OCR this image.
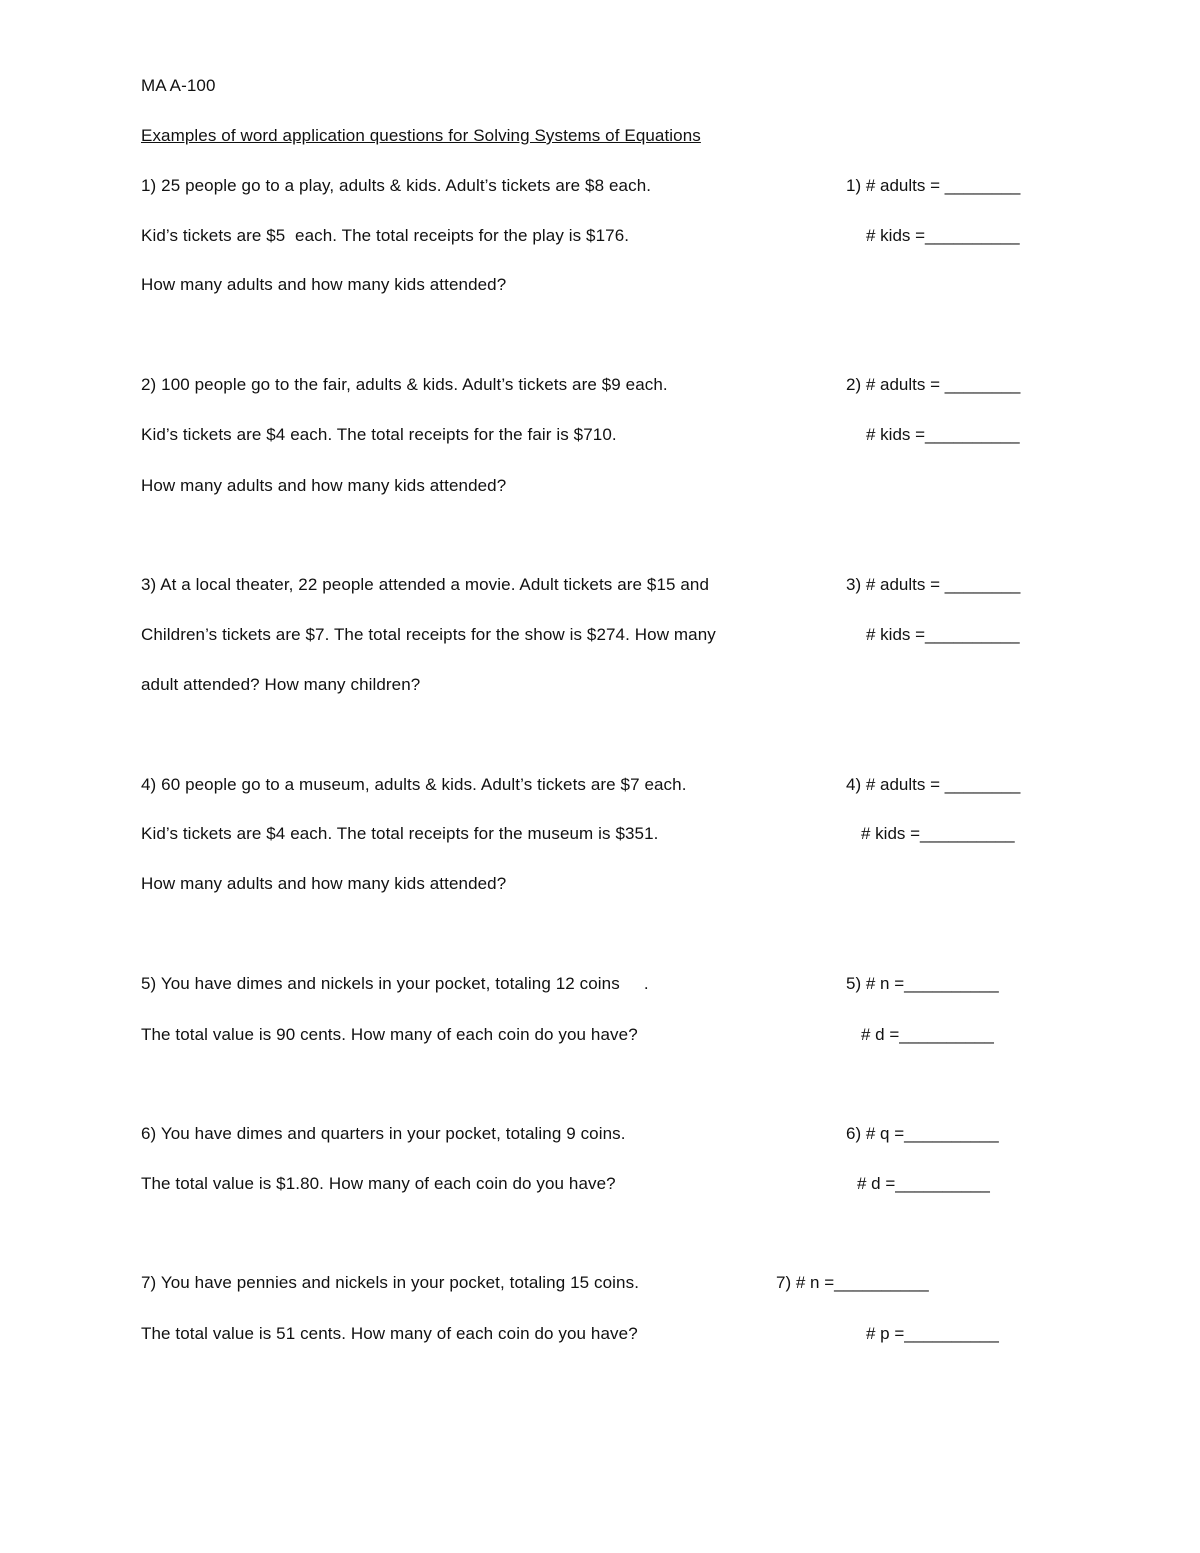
MA A-100
Examples of word application questions for Solving Systems of Equations
1) 25 people go to a play, adults & kids. Adult’s tickets are $8 each.
Kid’s tickets are $5  each. The total receipts for the play is $176.
How many adults and how many kids attended?
1) # adults = ________
# kids =__________
2) 100 people go to the fair, adults & kids. Adult’s tickets are $9 each.
Kid’s tickets are $4 each. The total receipts for the fair is $710.
How many adults and how many kids attended?
2) # adults = ________
# kids =__________
3) At a local theater, 22 people attended a movie. Adult tickets are $15 and
Children’s tickets are $7. The total receipts for the show is $274. How many
adult attended? How many children?
3) # adults = ________
# kids =__________
4) 60 people go to a museum, adults & kids. Adult’s tickets are $7 each.
Kid’s tickets are $4 each. The total receipts for the museum is $351.
How many adults and how many kids attended?
4) # adults = ________
# kids =__________
5) You have dimes and nickels in your pocket, totaling 12 coins     .
The total value is 90 cents. How many of each coin do you have?
5) # n =__________
# d =__________
6) You have dimes and quarters in your pocket, totaling 9 coins.
The total value is $1.80. How many of each coin do you have?
6) # q =__________
# d =__________
7) You have pennies and nickels in your pocket, totaling 15 coins.
The total value is 51 cents. How many of each coin do you have?
7) # n =__________
# p =__________
